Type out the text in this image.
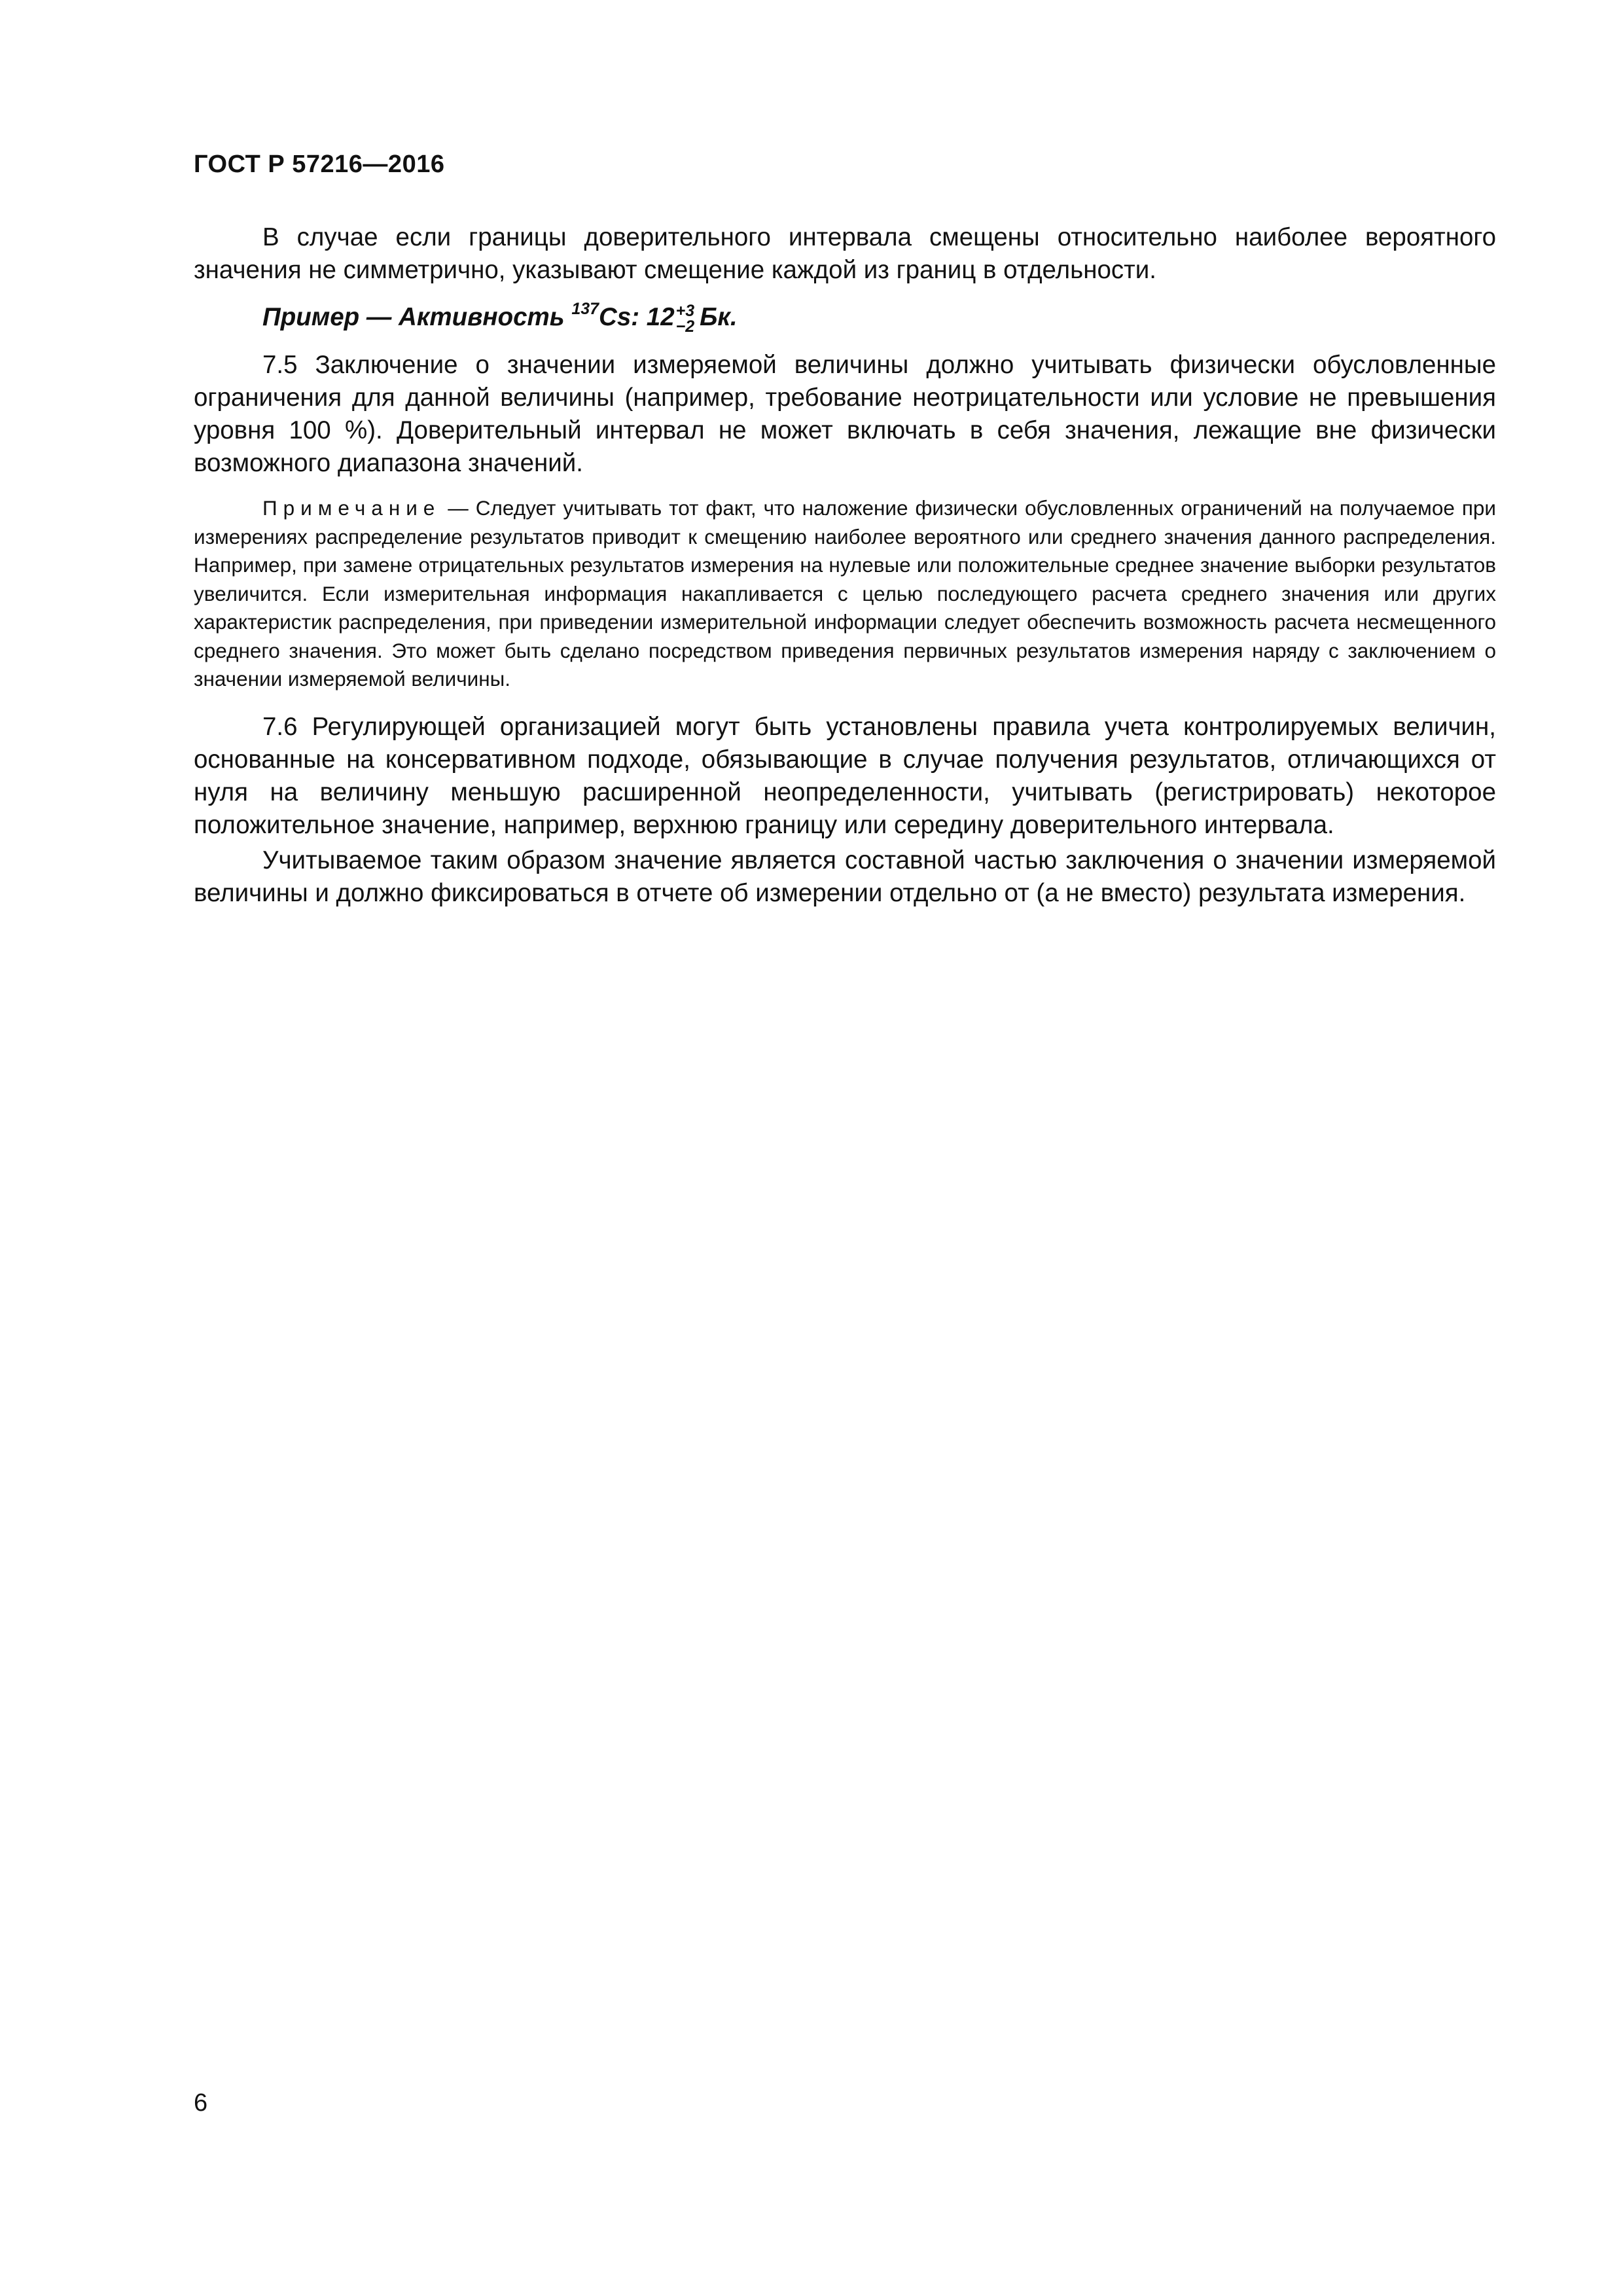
ГОСТ Р 57216—2016

В случае если границы доверительного интервала смещены относительно наиболее вероятного значения не симметрично, указывают смещение каждой из границ в отдельности.

Пример — Активность $^{137}$Cs: 12 +3
−2 Бк.

7.5 Заключение о значении измеряемой величины должно учитывать физически обусловленные ограничения для данной величины (например, требование неотрицательности или условие не превышения уровня 100 %). Доверительный интервал не может включать в себя значения, лежащие вне физически возможного диапазона значений.

Примечание — Следует учитывать тот факт, что наложение физически обусловленных ограничений на получаемое при измерениях распределение результатов приводит к смещению наиболее вероятного или среднего значения данного распределения. Например, при замене отрицательных результатов измерения на нулевые или положительные среднее значение выборки результатов увеличится. Если измерительная информация накапливается с целью последующего расчета среднего значения или других характеристик распределения, при приведении измерительной информации следует обеспечить возможность расчета несмещенного среднего значения. Это может быть сделано посредством приведения первичных результатов измерения наряду с заключением о значении измеряемой величины.

7.6 Регулирующей организацией могут быть установлены правила учета контролируемых величин, основанные на консервативном подходе, обязывающие в случае получения результатов, отличающихся от нуля на величину меньшую расширенной неопределенности, учитывать (регистрировать) некоторое положительное значение, например, верхнюю границу или середину доверительного интервала.

Учитываемое таким образом значение является составной частью заключения о значении измеряемой величины и должно фиксироваться в отчете об измерении отдельно от (а не вместо) результата измерения.

6
